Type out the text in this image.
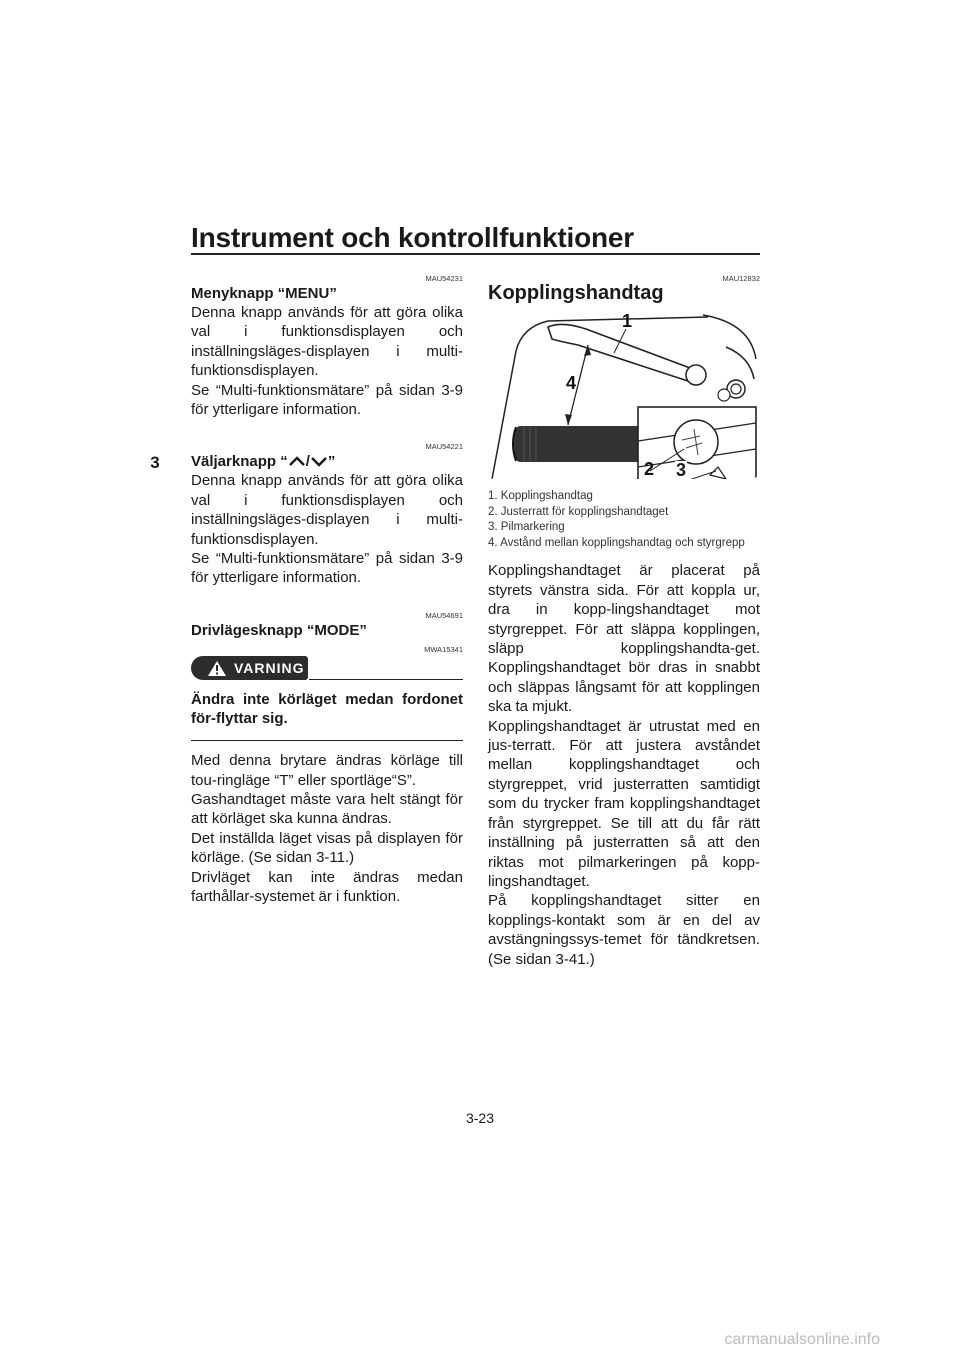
Instrument och kontrollfunktioner
3
MAU54231
Menyknapp “MENU”

Denna knapp används för att göra olika val i funktionsdisplayen och inställningsläges-displayen i multi-funktionsdisplayen.

Se “Multi-funktionsmätare” på sidan 3-9 för ytterligare information.

MAU54221
Väljarknapp “ / ”

Denna knapp används för att göra olika val i funktionsdisplayen och inställningsläges-displayen i multi-funktionsdisplayen.

Se “Multi-funktionsmätare” på sidan 3-9 för ytterligare information.

MAU54691
Drivlägesknapp “MODE”
MWA15341
VARNING

Ändra inte körläget medan fordonet för-flyttar sig.

Med denna brytare ändras körläge till tou-ringläge “T” eller sportläge“S”.

Gashandtaget måste vara helt stängt för att körläget ska kunna ändras.

Det inställda läget visas på displayen för körläge. (Se sidan 3-11.)

Drivläget kan inte ändras medan farthållar-systemet är i funktion.

MAU12832
Kopplingshandtag
1
4
2 3
1. Kopplingshandtag
2. Justerratt för kopplingshandtaget
3. Pilmarkering
4. Avstånd mellan kopplingshandtag och styrgrepp

Kopplingshandtaget är placerat på styrets vänstra sida. För att koppla ur, dra in kopp-lingshandtaget mot styrgreppet. För att släppa kopplingen, släpp kopplingshandta-get. Kopplingshandtaget bör dras in snabbt och släppas långsamt för att kopplingen ska ta mjukt.

Kopplingshandtaget är utrustat med en jus-terratt. För att justera avståndet mellan kopplingshandtaget och styrgreppet, vrid justerratten samtidigt som du trycker fram kopplingshandtaget från styrgreppet. Se till att du får rätt inställning på justerratten så att den riktas mot pilmarkeringen på kopp-lingshandtaget.

På kopplingshandtaget sitter en kopplings-kontakt som är en del av avstängningssys-temet för tändkretsen. (Se sidan 3-41.)

3-23
carmanualsonline.info
